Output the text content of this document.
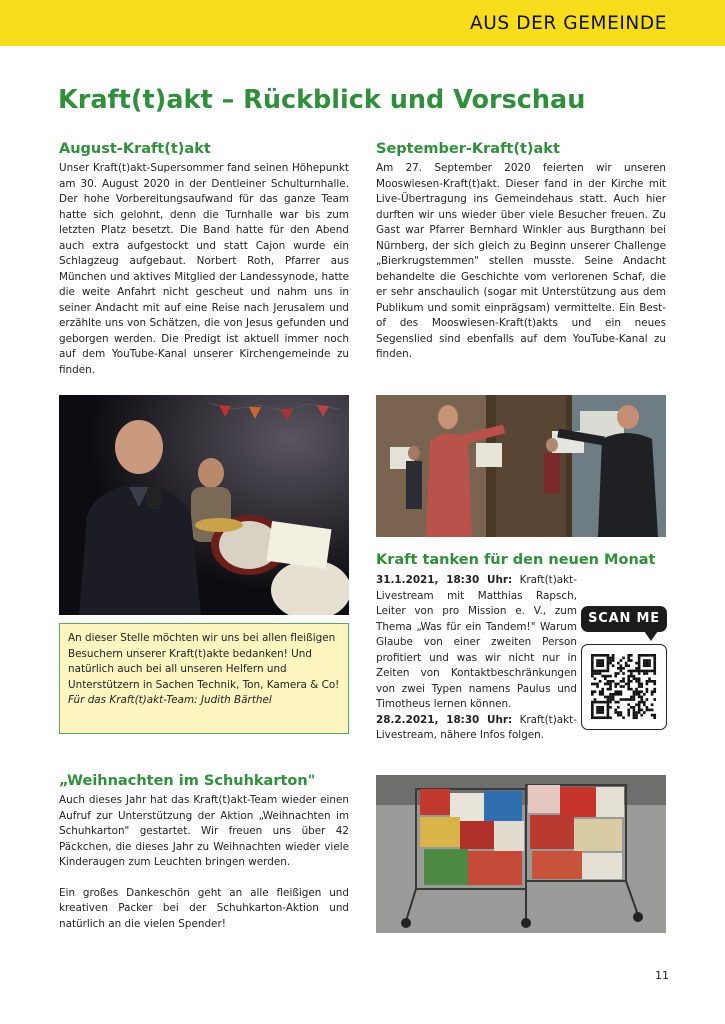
AUS DER GEMEINDE
Kraft(t)akt – Rückblick und Vorschau
August-Kraft(t)akt

Unser Kraft(t)akt-Supersommer fand seinen Höhepunkt am 30. August 2020 in der Dentleiner Schulturnhalle. Der hohe Vorbereitungsaufwand für das ganze Team hatte sich gelohnt, denn die Turnhalle war bis zum letzten Platz besetzt. Die Band hatte für den Abend auch extra aufgestockt und statt Cajon wurde ein Schlagzeug aufgebaut. Norbert Roth, Pfarrer aus München und aktives Mitglied der Landessynode, hatte die weite Anfahrt nicht gescheut und nahm uns in seiner Andacht mit auf eine Reise nach Jerusalem und erzählte uns von Schätzen, die von Jesus gefunden und geborgen werden. Die Predigt ist aktuell immer noch auf dem YouTube-Kanal unserer Kirchengemeinde zu finden.

September-Kraft(t)akt

Am 27. September 2020 feierten wir unseren Mooswiesen-Kraft(t)akt. Dieser fand in der Kirche mit Live-Übertragung ins Gemeindehaus statt. Auch hier durften wir uns wieder über viele Besucher freuen. Zu Gast war Pfarrer Bernhard Winkler aus Burgthann bei Nürnberg, der sich gleich zu Beginn unserer Challenge „Bierkrugstemmen" stellen musste. Seine Andacht behandelte die Geschichte vom verlorenen Schaf, die er sehr anschaulich (sogar mit Unterstützung aus dem Publikum und somit einprägsam) vermittelte. Ein Best-of des Mooswiesen-Kraft(t)akts und ein neues Segenslied sind ebenfalls auf dem YouTube-Kanal zu finden.

An dieser Stelle möchten wir uns bei allen fleißigen Besuchern unserer Kraft(t)akte bedanken! Und natürlich auch bei all unseren Helfern und Unterstützern in Sachen Technik, Ton, Kamera & Co!
Für das Kraft(t)akt-Team: Judith Bärthel
Kraft tanken für den neuen Monat

31.1.2021, 18:30 Uhr: Kraft(t)akt-Livestream mit Matthias Rapsch, Leiter von pro Mission e. V., zum Thema „Was für ein Tandem!" Warum Glaube von einer zweiten Person profitiert und was wir nicht nur in Zeiten von Kontaktbeschränkungen von zwei Typen namens Paulus und Timotheus lernen können.

28.2.2021, 18:30 Uhr: Kraft(t)akt-Livestream, nähere Infos folgen.

SCAN ME
„Weihnachten im Schuhkarton"

Auch dieses Jahr hat das Kraft(t)akt-Team wieder einen Aufruf zur Unterstützung der Aktion „Weihnachten im Schuhkarton" gestartet. Wir freuen uns über 42 Päckchen, die dieses Jahr zu Weihnachten wieder viele Kinderaugen zum Leuchten bringen werden.

Ein großes Dankeschön geht an alle fleißigen und kreativen Packer bei der Schuhkarton-Aktion und natürlich an die vielen Spender!

11
